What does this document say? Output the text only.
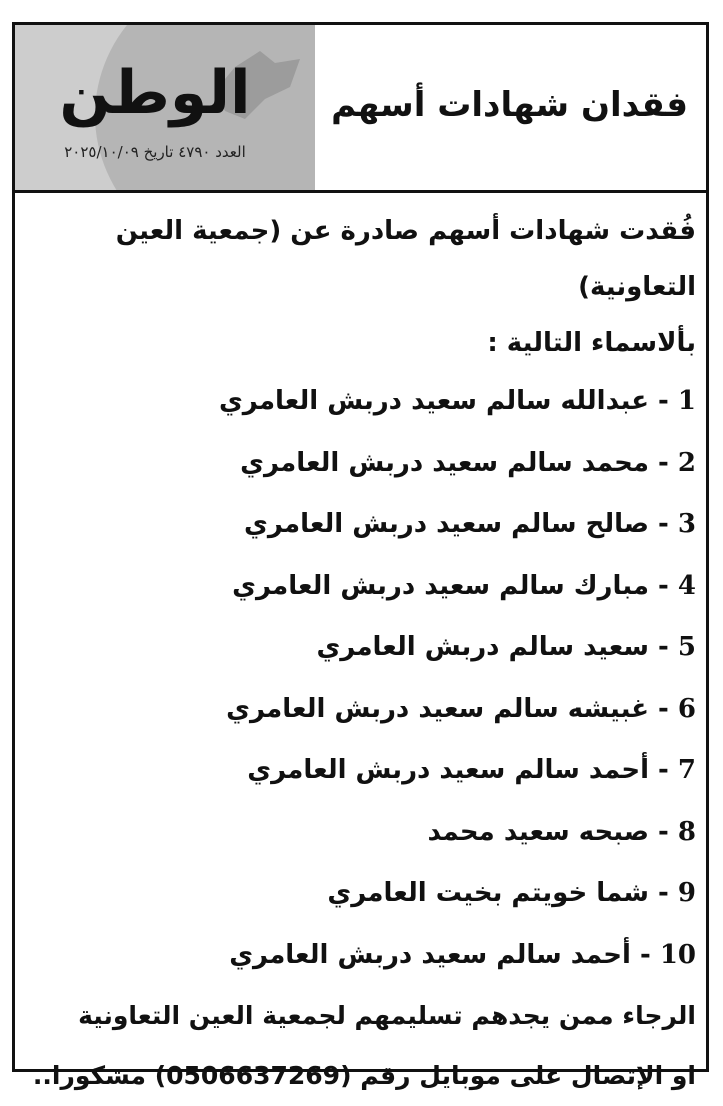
الوطن
العدد ٤٧٩٠ تاريخ ٢٠٢٥/١٠/٠٩
فقدان شهادات أسهم

فُقدت شهادات أسهم صادرة عن (جمعية العين التعاونية)

بألاسماء التالية :

1 - عبدالله سالم سعيد دربش العامري
2 - محمد سالم سعيد دربش العامري
3 - صالح سالم سعيد دربش العامري
4 - مبارك سالم سعيد دربش العامري
5 - سعيد سالم دربش العامري
6 - غبيشه سالم سعيد دربش العامري
7 - أحمد سالم سعيد دربش العامري
8 - صبحه سعيد محمد
9 - شما خويتم بخيت العامري
10 - أحمد سالم سعيد دربش العامري

الرجاء ممن يجدهم تسليمهم لجمعية العين التعاونية

او الإتصال على موبايل رقم (0506637269) مشكورا..
